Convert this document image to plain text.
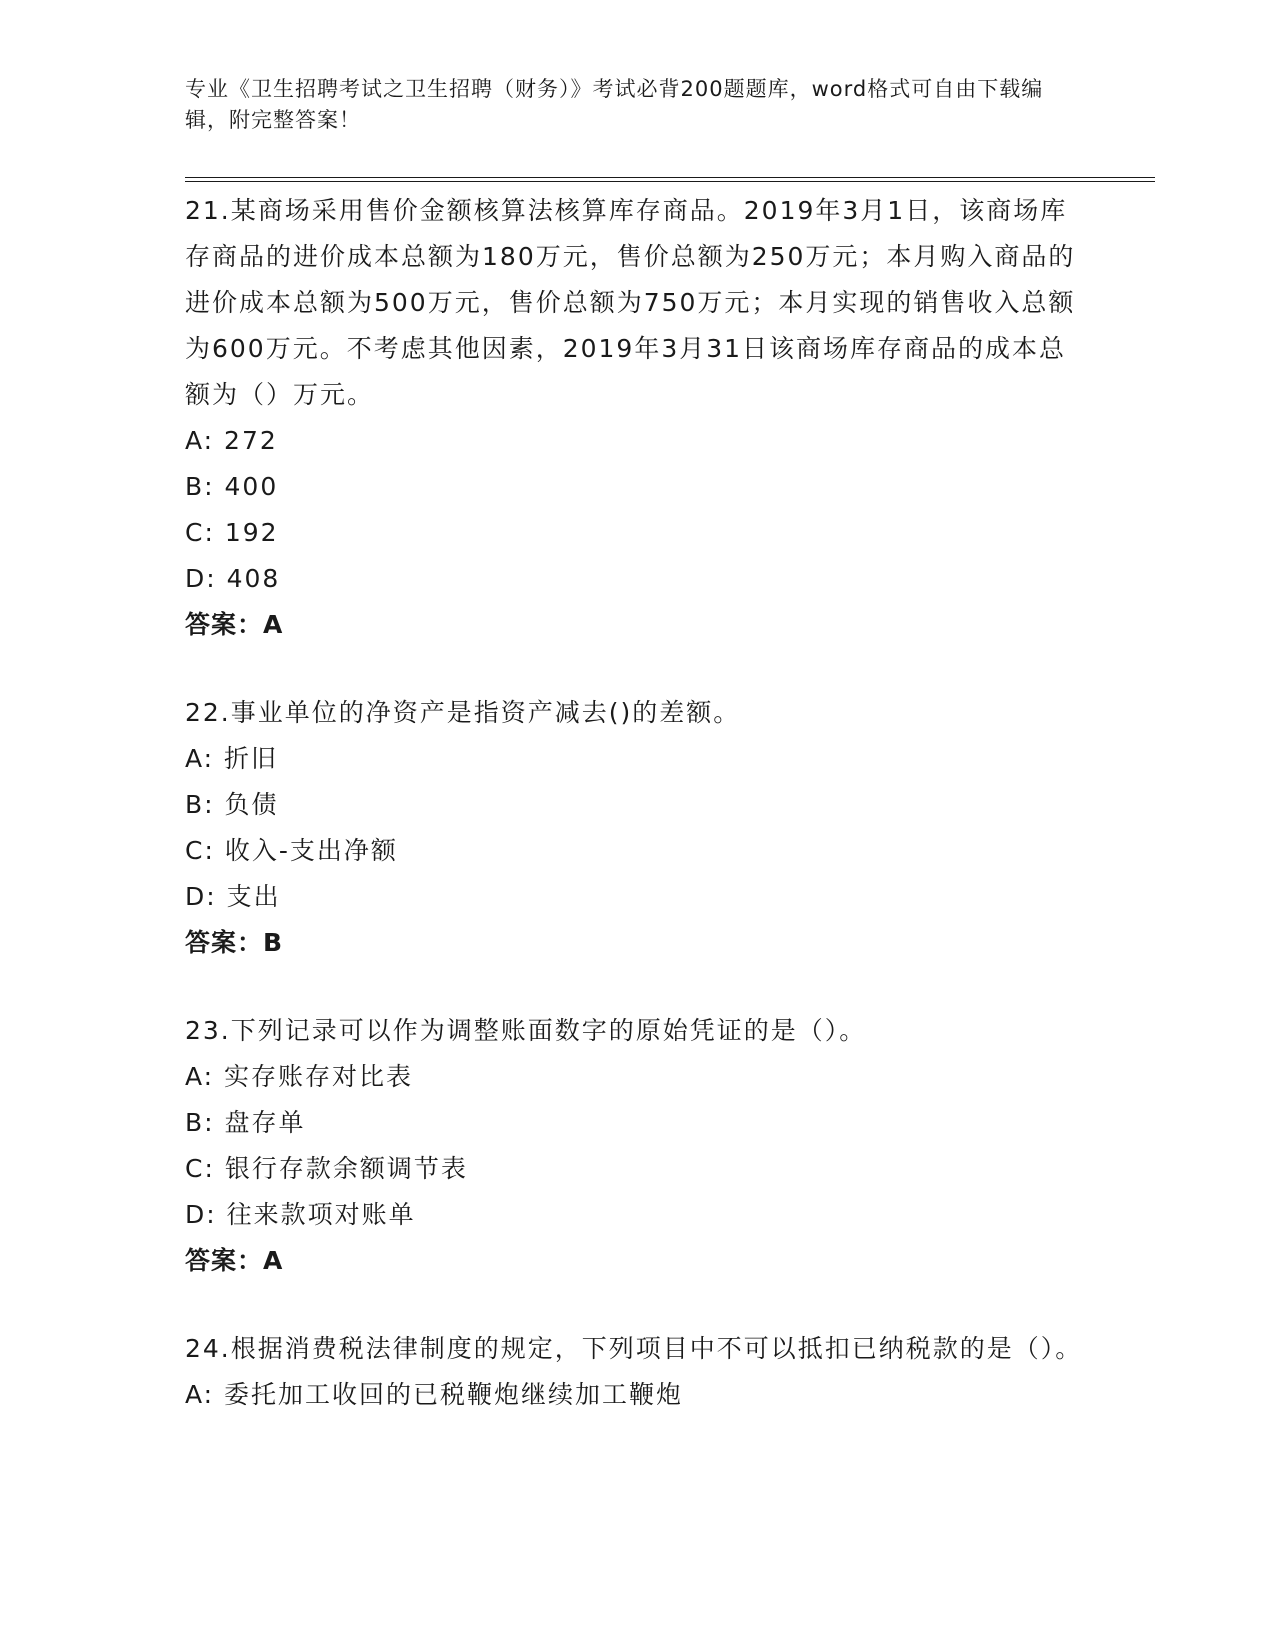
专业《卫生招聘考试之卫生招聘（财务）》考试必背200题题库，word格式可自由下载编辑，附完整答案！

21.某商场采用售价金额核算法核算库存商品。2019年3月1日，该商场库存商品的进价成本总额为180万元，售价总额为250万元；本月购入商品的进价成本总额为500万元，售价总额为750万元；本月实现的销售收入总额为600万元。不考虑其他因素，2019年3月31日该商场库存商品的成本总额为（）万元。

A: 272

B: 400

C: 192

D: 408

答案：A

22.事业单位的净资产是指资产减去()的差额。

A: 折旧

B: 负债

C: 收入-支出净额

D: 支出

答案：B

23.下列记录可以作为调整账面数字的原始凭证的是（）。

A: 实存账存对比表

B: 盘存单

C: 银行存款余额调节表

D: 往来款项对账单

答案：A

24.根据消费税法律制度的规定，下列项目中不可以抵扣已纳税款的是（）。

A: 委托加工收回的已税鞭炮继续加工鞭炮
